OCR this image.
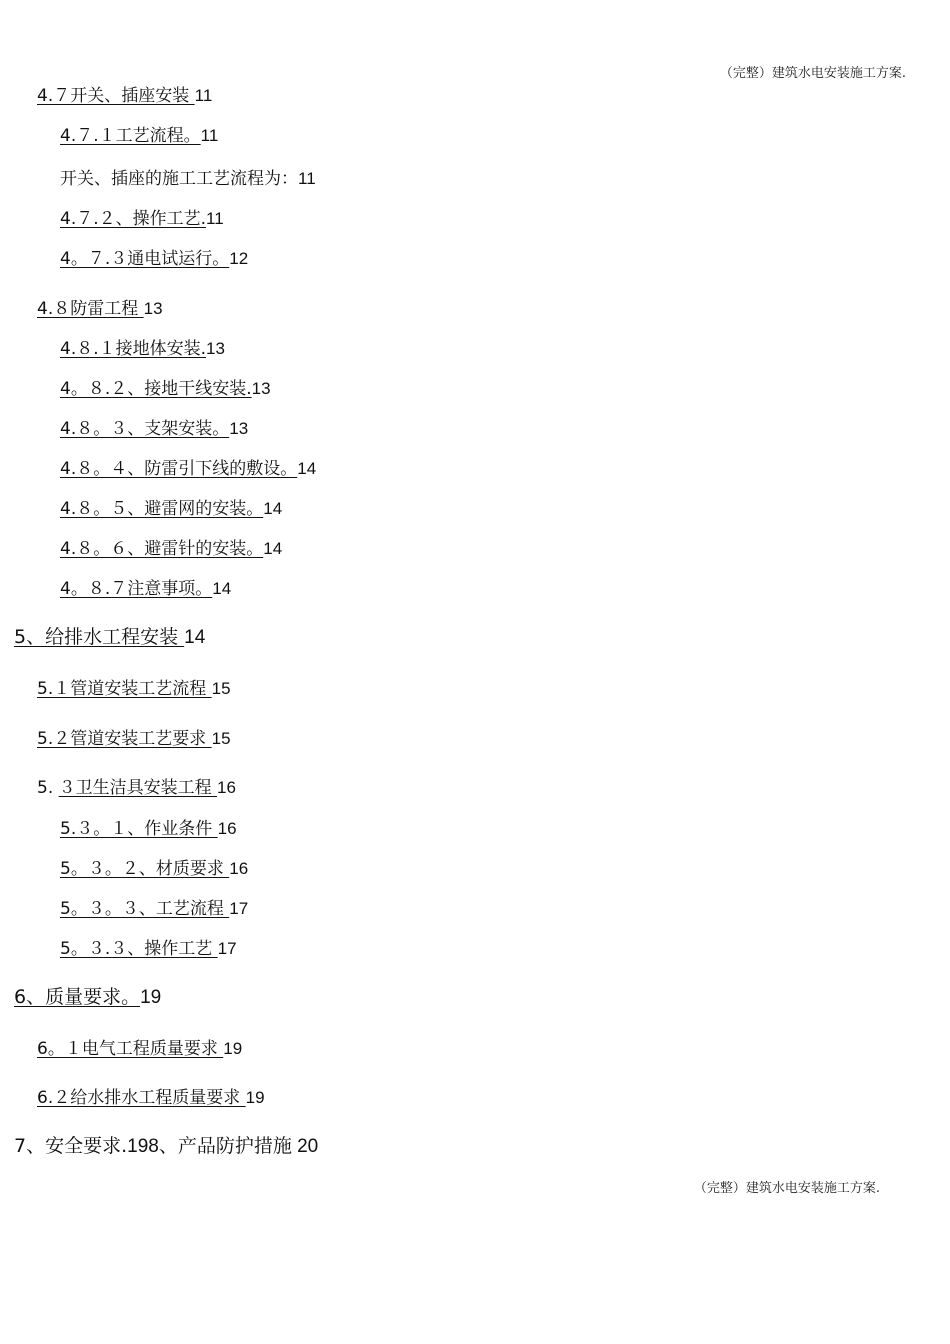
（完整）建筑水电安装施工方案.
4.７开关、插座安装 11
4.７.１工艺流程。11
开关、插座的施工工艺流程为：11
4.７.２、操作工艺.11
4。７.３通电试运行。12
4.８防雷工程 13
4.８.１接地体安装.13
4。８.２、接地干线安装.13
4.８。３、支架安装。13
4.８。４、防雷引下线的敷设。14
4.８。５、避雷网的安装。14
4.８。６、避雷针的安装。14
4。８.７注意事项。14
5、给排水工程安装 14
5.１管道安装工艺流程 15
5.２管道安装工艺要求 15
5. ３卫生洁具安装工程 16
5.３。１、作业条件 16
5。３。２、材质要求 16
5。３。３、工艺流程 17
5。３.３、操作工艺 17
6、质量要求。19
6。１电气工程质量要求 19
6.２给水排水工程质量要求 19
7、安全要求.198、产品防护措施 20
（完整）建筑水电安装施工方案.
